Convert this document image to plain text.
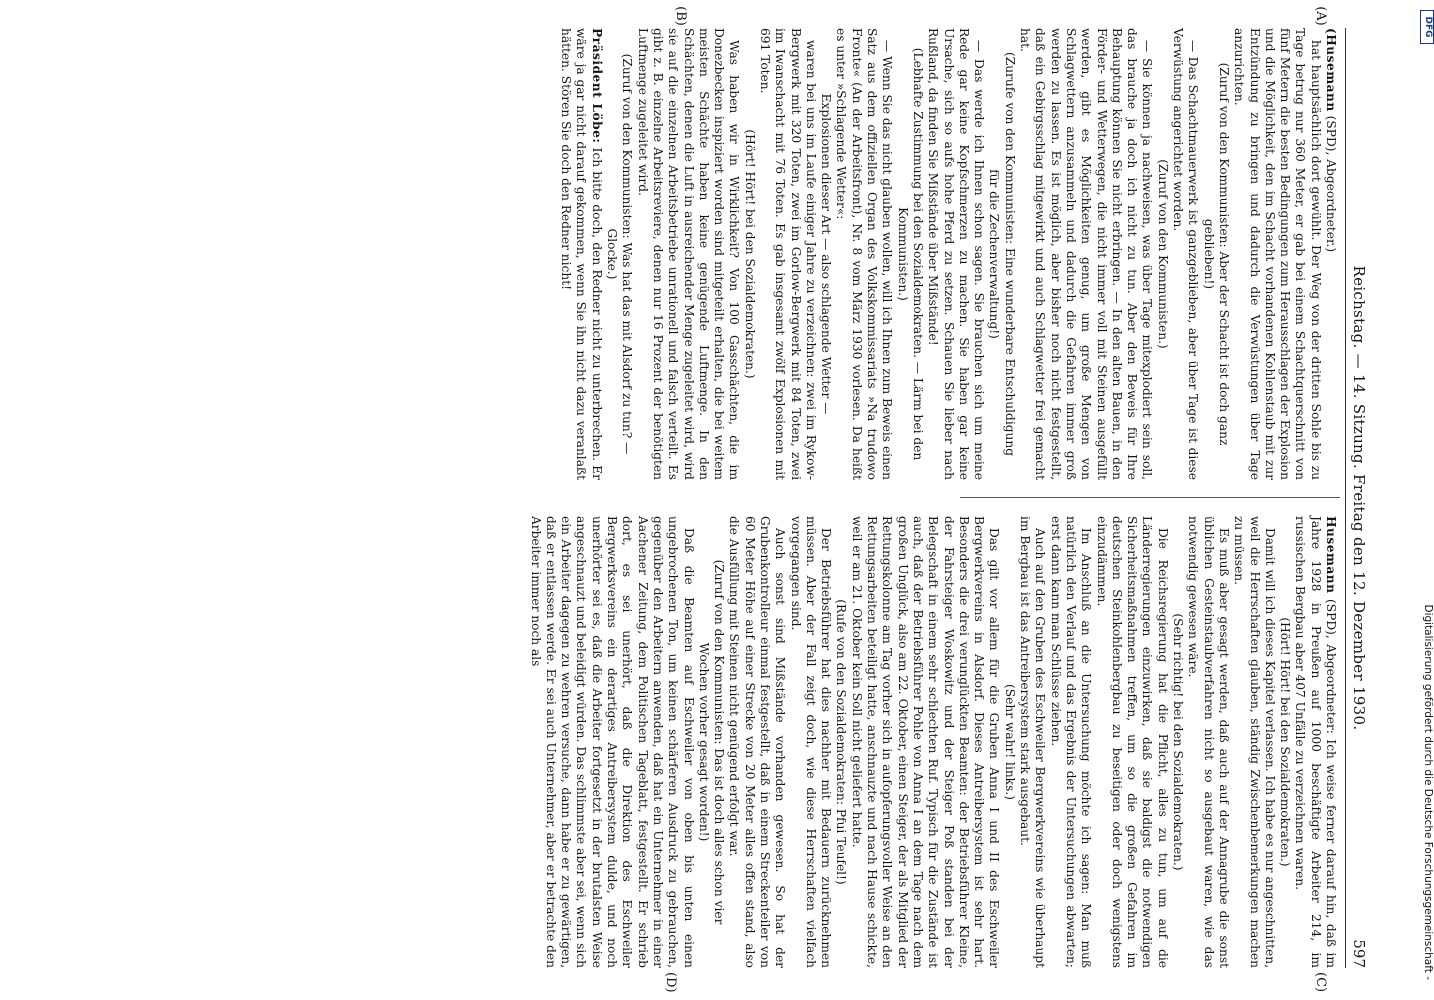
DFG
Digitalisierung gefördert durch die Deutsche Forschungsgemeinschaft -
Reichstag. — 14. Sitzung. Freitag den 12. Dezember 1930.
597
(A)
(B)
(C)
(D)

(Husemann (SPD), Abgeordneter.)

hat hauptsächlich dort gewühlt. Der Weg von der dritten Sohle bis zu Tage betrug nur 360 Meter, er gab bei einem Schachtquerschnitt von fünf Metern die besten Bedingungen zum Herausschlagen der Explosion und die Möglichkeit, den im Schacht vorhandenen Kohlenstaub mit zur Entzündung zu bringen und dadurch die Verwüstungen über Tage anzurichten.

(Zuruf von den Kommunisten: Aber der Schacht ist doch ganz geblieben!)

— Das Schachtmauerwerk ist ganzgeblieben, aber über Tage ist diese Verwüstung angerichtet worden.

(Zuruf von den Kommunisten.)

— Sie können ja nachweisen, was über Tage mitexplodiert sein soll, das brauche ja doch ich nicht zu tun. Aber den Beweis für Ihre Behauptung können Sie nicht erbringen. — In den alten Bauen, in den Förder- und Wetterwegen, die nicht immer voll mit Steinen ausgefüllt werden, gibt es Möglichkeiten genug, um große Mengen von Schlagwettern anzusammeln und dadurch die Gefahren immer groß werden zu lassen. Es ist möglich, aber bisher noch nicht festgestellt, daß ein Gebirgsschlag mitgewirkt und auch Schlagwetter frei gemacht hat.

(Zurufe von den Kommunisten: Eine wunderbare Entschuldigung für die Zechenverwaltung!)

— Das werde ich Ihnen schon sagen. Sie brauchen sich um meine Rede gar keine Kopfschmerzen zu machen. Sie haben gar keine Ursache, sich so aufs hohe Pferd zu setzen. Schauen Sie lieber nach Rußland, da finden Sie Mißstände über Mißstände!

(Lebhafte Zustimmung bei den Sozialdemokraten. — Lärm bei den Kommunisten.)

— Wenn Sie das nicht glauben wollen, will ich Ihnen zum Beweis einen Satz aus dem offiziellen Organ des Volkskommissariats »Na trudowo Fronte« (An der Arbeitsfront), Nr. 8 vom März 1930 vorlesen. Da heißt es unter »Schlagende Wetter«:

Explosionen dieser Art — also schlagende Wetter —

waren bei uns im Laufe einiger Jahre zu verzeichnen: zwei im Rykow-Bergwerk mit 320 Toten, zwei im Gorlow-Bergwerk mit 84 Toten, zwei im Iwanschacht mit 76 Toten. Es gab insgesamt zwölf Explosionen mit 691 Toten.

(Hört! Hört! bei den Sozialdemokraten.)

Was haben wir in Wirklichkeit? Von 100 Gasschächten, die im Donezbecken inspiziert worden sind mitgeteilt erhalten, die bei weitem meisten Schächte haben keine genügende Luftmenge. In den Schächten, denen die Luft in ausreichender Menge zugeleitet wird, wird sie auf die einzelnen Arbeitsbetriebe unrationell und falsch verteilt. Es gibt z. B. einzelne Arbeitsreviere, denen nur 16 Prozent der benötigten Luftmenge zugeleitet wird.

(Zuruf von den Kommunisten: Was hat das mit Alsdorf zu tun? — Glocke.)

Präsident Löbe: Ich bitte doch, den Redner nicht zu unterbrechen. Er wäre ja gar nicht darauf gekommen, wenn Sie ihn nicht dazu veranlaßt hätten. Stören Sie doch den Redner nicht!

Husemann (SPD), Abgeordneter: Ich weise ferner darauf hin, daß im Jahre 1928 in Preußen auf 1000 beschäftigte Arbeiter 214, im russischen Bergbau aber 407 Unfälle zu verzeichnen waren.

(Hört! Hört! bei den Sozialdemokraten.)

Damit will ich dieses Kapitel verlassen. Ich habe es nur angeschnitten, weil die Herrschaften glauben, ständig Zwischenbemerkungen machen zu müssen.

Es muß aber gesagt werden, daß auch auf der Annagrube die sonst üblichen Gesteinstaubverfahren nicht so ausgebaut waren, wie das notwendig gewesen wäre.

(Sehr richtig! bei den Sozialdemokraten.)

Die Reichsregierung hat die Pflicht, alles zu tun, um auf die Länderregierungen einzuwirken, daß sie baldigst die notwendigen Sicherheitsmaßnahmen treffen, um so die großen Gefahren im deutschen Steinkohlenbergbau zu beseitigen oder doch wenigstens einzudämmen.

Im Anschluß an die Untersuchung möchte ich sagen: Man muß natürlich den Verlauf und das Ergebnis der Untersuchungen abwarten; erst dann kann man Schlüsse ziehen.

Auch auf den Gruben des Eschweiler Bergwerkvereins wie überhaupt im Bergbau ist das Antreibersystem stark ausgebaut.

(Sehr wahr! links.)

Das gilt vor allem für die Gruben Anna I und II des Eschweiler Bergwerkvereins in Alsdorf. Dieses Antreibersystem ist sehr hart. Besonders die drei verunglückten Beamten: der Betriebsführer Kleine, der Fahrsteiger Woskowitz und der Steiger Poß standen bei der Belegschaft in einem sehr schlechten Ruf. Typisch für die Zustände ist auch, daß der Betriebsführer Pohle von Anna I an dem Tage nach dem großen Unglück, also am 22. Oktober, einen Steiger, der als Mitglied der Rettungskolonne am Tag vorher sich in aufopferungsvoller Weise an den Rettungsarbeiten beteiligt hatte, anschnauzte und nach Hause schickte, weil er am 21. Oktober kein Soll nicht geliefert hatte.

(Rufe von den Sozialdemokraten: Pfui Teufel!)

Der Betriebsführer hat dies nachher mit Bedauern zurücknehmen müssen. Aber der Fall zeigt doch, wie diese Herrschaften vielfach vorgegangen sind.

Auch sonst sind Mißstände vorhanden gewesen. So hat der Grubenkontrolleur einmal festgestellt, daß in einem Streckenteiler von 60 Meter Höhe auf einer Strecke von 20 Meter alles offen stand, also die Ausfüllung mit Steinen nicht genügend erfolgt war.

(Zuruf von den Kommunisten: Das ist doch alles schon vier Wochen vorher gesagt worden!)

Daß die Beamten auf Eschweiler von oben bis unten einen ungebrochenen Ton, um keinen schärferen Ausdruck zu gebrauchen, gegenüber den Arbeitern anwenden, daß hat ein Unternehmer in einer Aachener Zeitung, dem Politischen Tageblatt, festgestellt. Er schrieb dort, es sei unerhört, daß die Direktion des Eschweiler Bergwerksvereins ein derartiges Antreibersystem dulde, und noch unerhörter sei es, daß die Arbeiter fortgesetzt in der brutalsten Weise angeschnauzt und beleidigt würden. Das schlimmste aber sei, wenn sich ein Arbeiter dagegen zu wehren versuche, dann habe er zu gewärtigen, daß er entlassen werde. Er sei auch Unternehmer, aber er betrachte den Arbeiter immer noch als
